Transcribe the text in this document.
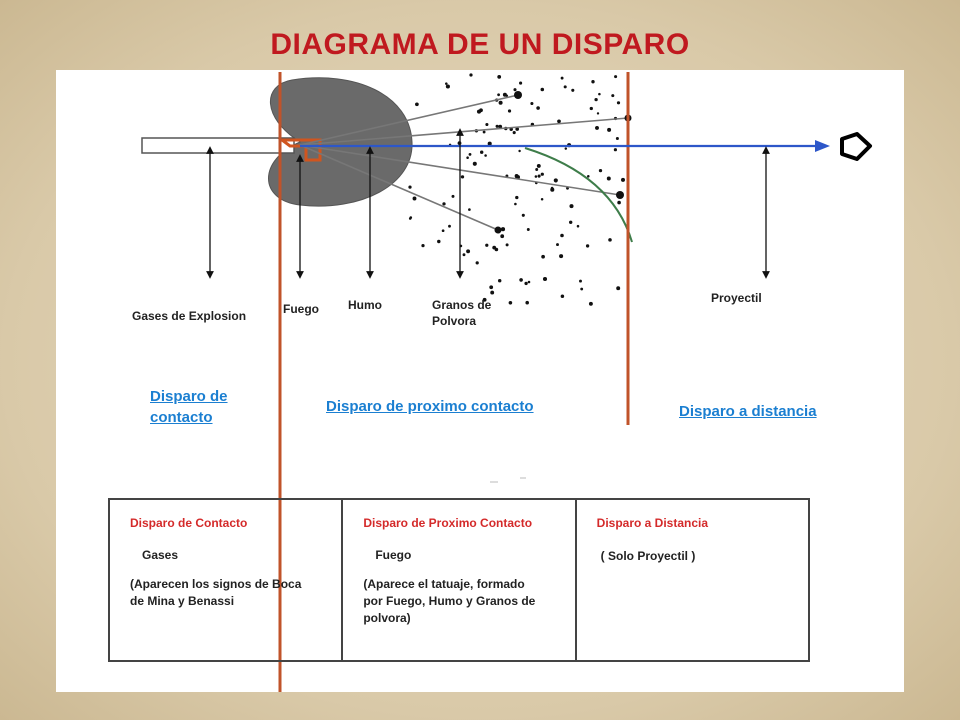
DIAGRAMA DE UN DISPARO
Gases de Explosion	Fuego Humo	Granos de
Polvora
Proyectil
Disparo de
contacto
Disparo de proximo contacto	Disparo a distancia
Disparo de Contacto
Gases
(Aparecen los signos de Boca
de Mina y Benassi

Disparo de Proximo Contacto
Fuego
(Aparece el tatuaje, formado
por Fuego, Humo y Granos de
polvora)

Disparo a Distancia
( Solo Proyectil )
